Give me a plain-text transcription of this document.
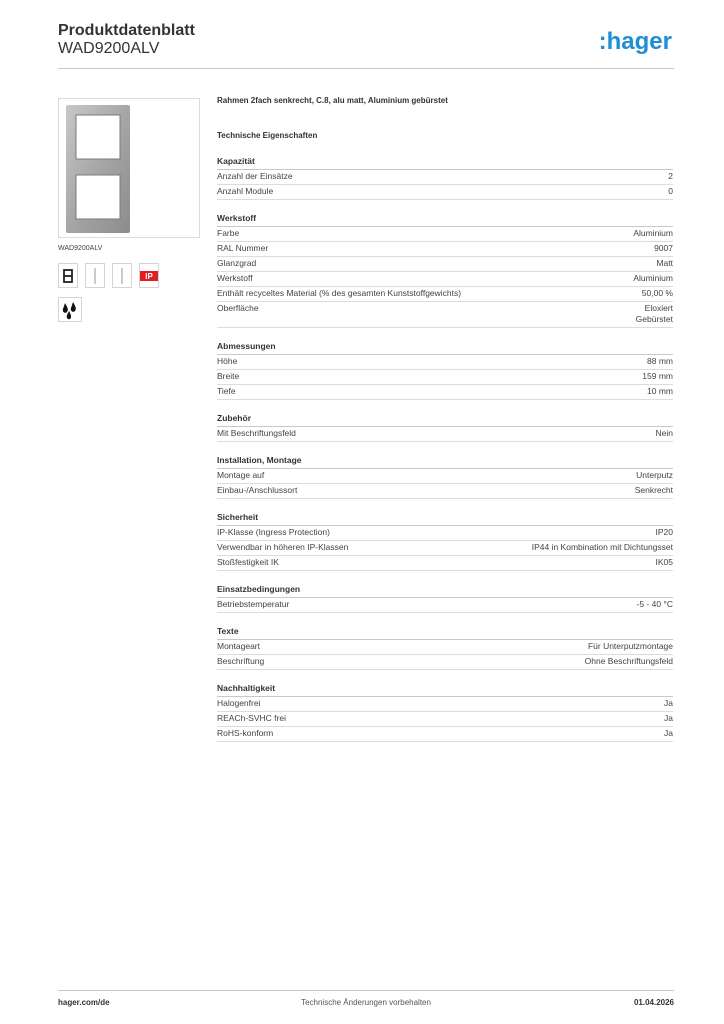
Produktdatenblatt
WAD9200ALV	:hager
WAD9200ALV
IP
Rahmen 2fach senkrecht, C.8, alu matt, Aluminium gebürstet
Technische Eigenschaften
Kapazität
Anzahl der Einsätze	2
Anzahl Module	0
Werkstoff
Farbe	Aluminium
RAL Nummer	9007
Glanzgrad	Matt
Werkstoff	Aluminium
Enthält recyceltes Material (% des gesamten Kunststoffgewichts)	50,00 %
Oberfläche	Eloxiert
Gebürstet
Abmessungen
Höhe	88 mm
Breite	159 mm
Tiefe	10 mm
Zubehör
Mit Beschriftungsfeld	Nein
Installation, Montage
Montage auf	Unterputz
Einbau-/Anschlussort	Senkrecht
Sicherheit
IP-Klasse (Ingress Protection)	IP20
Verwendbar in höheren IP-Klassen	IP44 in Kombination mit Dichtungsset
Stoßfestigkeit IK	IK05
Einsatzbedingungen
Betriebstemperatur	-5 - 40 °C
Texte
Montageart	Für Unterputzmontage
Beschriftung	Ohne Beschriftungsfeld
Nachhaltigkeit
Halogenfrei	Ja
REACh-SVHC frei	Ja
RoHS-konform	Ja
hager.com/de	Technische Änderungen vorbehalten	01.04.2026
